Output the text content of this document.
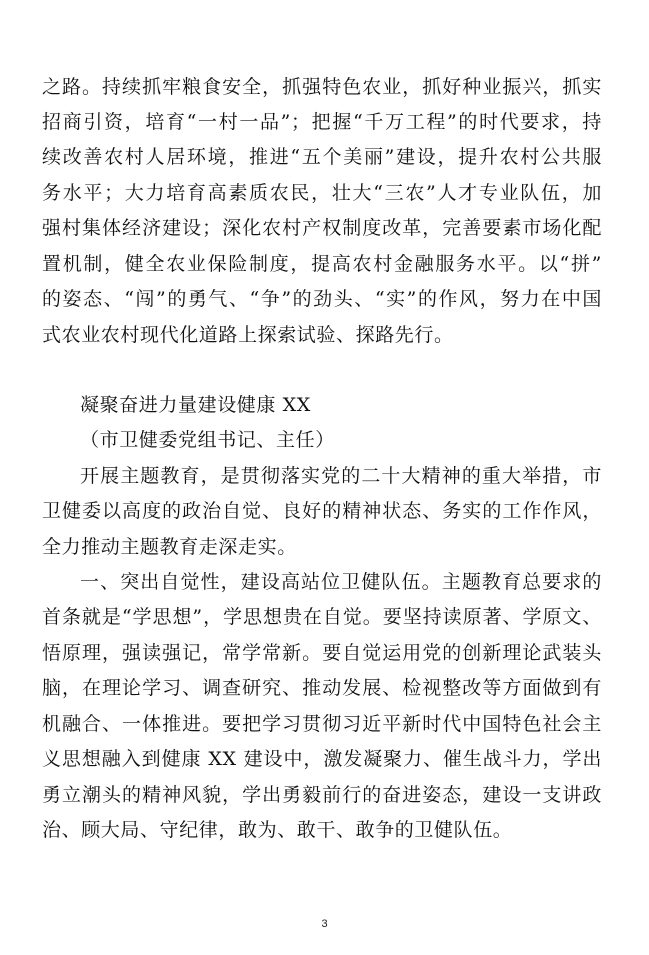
之路。持续抓牢粮食安全，抓强特色农业，抓好种业振兴，抓实
招商引资，培育“一村一品”；把握“千万工程”的时代要求，持
续改善农村人居环境，推进“五个美丽”建设，提升农村公共服
务水平；大力培育高素质农民，壮大“三农”人才专业队伍，加
强村集体经济建设；深化农村产权制度改革，完善要素市场化配
置机制，健全农业保险制度，提高农村金融服务水平。以“拼”
的姿态、“闯”的勇气、“争”的劲头、“实”的作风，努力在中国
式农业农村现代化道路上探索试验、探路先行。
凝聚奋进力量建设健康 XX
（市卫健委党组书记、主任）
开展主题教育，是贯彻落实党的二十大精神的重大举措，市
卫健委以高度的政治自觉、良好的精神状态、务实的工作作风，
全力推动主题教育走深走实。
一、突出自觉性，建设高站位卫健队伍。主题教育总要求的
首条就是“学思想”，学思想贵在自觉。要坚持读原著、学原文、
悟原理，强读强记，常学常新。要自觉运用党的创新理论武装头
脑，在理论学习、调查研究、推动发展、检视整改等方面做到有
机融合、一体推进。要把学习贯彻习近平新时代中国特色社会主
义思想融入到健康 XX 建设中，激发凝聚力、催生战斗力，学出
勇立潮头的精神风貌，学出勇毅前行的奋进姿态，建设一支讲政
治、顾大局、守纪律，敢为、敢干、敢争的卫健队伍。
3
